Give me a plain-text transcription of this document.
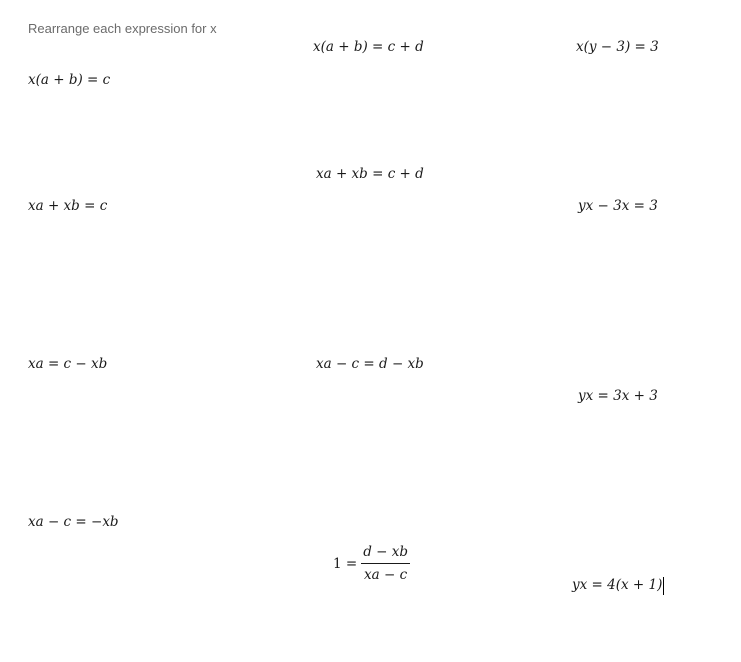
Rearrange each expression for x
x(a + b) = c
xa + xb = c
xa = c − xb
xa − c = −xb
x(a + b) = c + d
xa + xb = c + d
xa − c = d − xb
$1 = \frac{d - xb}{xa - c}$
x(y − 3) = 3
yx − 3x = 3
yx = 3x + 3
yx = 4(x + 1)
